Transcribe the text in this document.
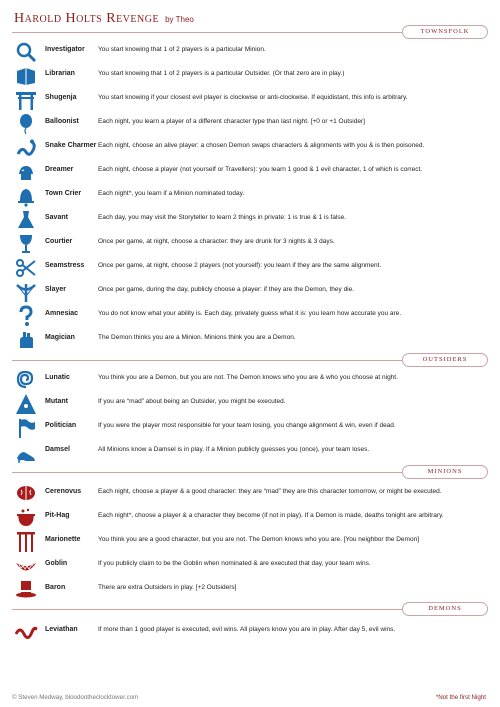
Harold Holts Revenge by Theo
TOWNSFOLK
Investigator You start knowing that 1 of 2 players is a particular Minion.
Librarian	You start knowing that 1 of 2 players is a particular Outsider. (Or that zero are in play.)
Shugenja	You start knowing if your closest evil player is clockwise or anti-clockwise. If equidistant, this info is arbitrary.
Balloonist	Each night, you learn a player of a different character type than last night. [+0 or +1 Outsider]
Snake Charmer Each night, choose an alive player: a chosen Demon swaps characters & alignments with you & is then poisoned.
Dreamer	Each night, choose a player (not yourself or Travellers): you learn 1 good & 1 evil character, 1 of which is correct.
Town Crier	Each night*, you learn if a Minion nominated today.
Savant	Each day, you may visit the Storyteller to learn 2 things in private: 1 is true & 1 is false.
Courtier	Once per game, at night, choose a character: they are drunk for 3 nights & 3 days.
Seamstress Once per game, at night, choose 2 players (not yourself): you learn if they are the same alignment.
Slayer	Once per game, during the day, publicly choose a player: if they are the Demon, they die.
Amnesiac	You do not know what your ability is. Each day, privately guess what it is: you learn how accurate you are.
Magician	The Demon thinks you are a Minion. Minions think you are a Demon.
OUTSIDERS
Lunatic	You think you are a Demon, but you are not. The Demon knows who you are & who you choose at night.
Mutant	If you are “mad” about being an Outsider, you might be executed.
Politician	If you were the player most responsible for your team losing, you change alignment & win, even if dead.
Damsel	All Minions know a Damsel is in play. If a Minion publicly guesses you (once), your team loses.
MINIONS
Cerenovus	Each night, choose a player & a good character: they are “mad” they are this character tomorrow, or might be executed.
Pit-Hag	Each night*, choose a player & a character they become (if not in play). If a Demon is made, deaths tonight are arbitrary.
Marionette	You think you are a good character, but you are not. The Demon knows who you are. [You neighbor the Demon]
Goblin	If you publicly claim to be the Goblin when nominated & are executed that day, your team wins.
Baron	There are extra Outsiders in play. [+2 Outsiders]
DEMONS
Leviathan	If more than 1 good player is executed, evil wins. All players know you are in play. After day 5, evil wins.
© Steven Medway, bloodontheclocktower.com	*Not the first Night
